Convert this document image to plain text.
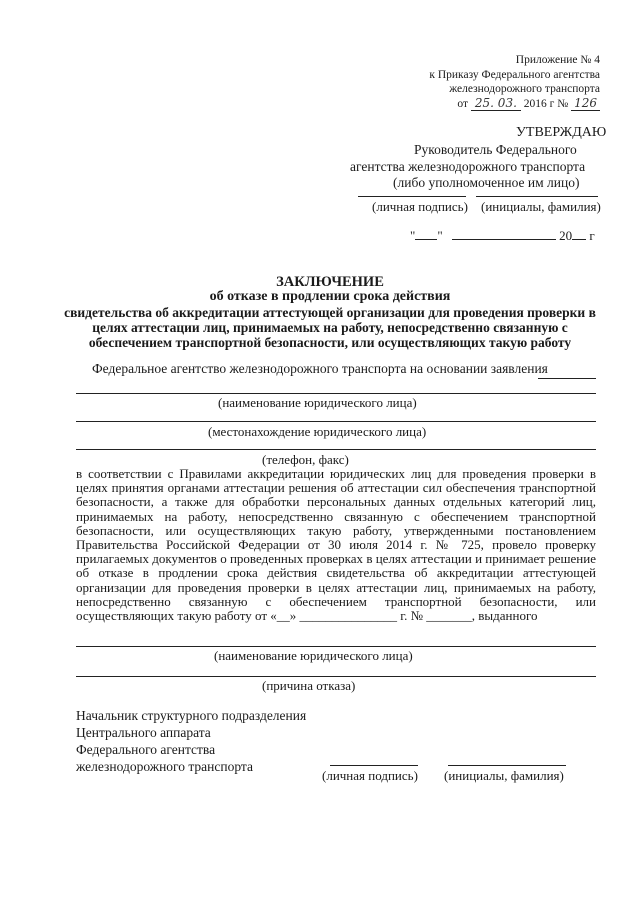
Приложение № 4
к Приказу Федерального агентства
железнодорожного транспорта
от 25. 03. 2016 г № 126
УТВЕРЖДАЮ
Руководитель Федерального
агентства железнодорожного транспорта
(либо уполномоченное им лицо)
(личная подпись) (инициалы, фамилия)
" "	20 г
ЗАКЛЮЧЕНИЕ
об отказе в продлении срока действия
свидетельства об аккредитации аттестующей организации для проведения проверки в
целях аттестации лиц, принимаемых на работу, непосредственно связанную с
обеспечением транспортной безопасности, или осуществляющих такую работу
Федеральное агентство железнодорожного транспорта на основании заявления
(наименование юридического лица)
(местонахождение юридического лица)
(телефон, факс)

в соответствии с Правилами аккредитации юридических лиц для проведения проверки в

целях принятия органами аттестации решения об аттестации сил обеспечения транспортной

безопасности, а также для обработки персональных данных отдельных категорий лиц,

принимаемых на работу, непосредственно связанную с обеспечением транспортной

безопасности, или осуществляющих такую работу, утвержденными постановлением

Правительства Российской Федерации от 30 июля 2014 г. № 725, провело проверку

прилагаемых документов о проведенных проверках в целях аттестации и принимает решение

об отказе в продлении срока действия свидетельства об аккредитации аттестующей

организации для проведения проверки в целях аттестации лиц, принимаемых на работу,

непосредственно связанную с обеспечением транспортной безопасности, или

осуществляющих такую работу от «__» _______________ г. № _______, выданного

(наименование юридического лица)
(причина отказа)
Начальник структурного подразделения
Центрального аппарата
Федерального агентства
железнодорожного транспорта
(личная подпись) (инициалы, фамилия)
